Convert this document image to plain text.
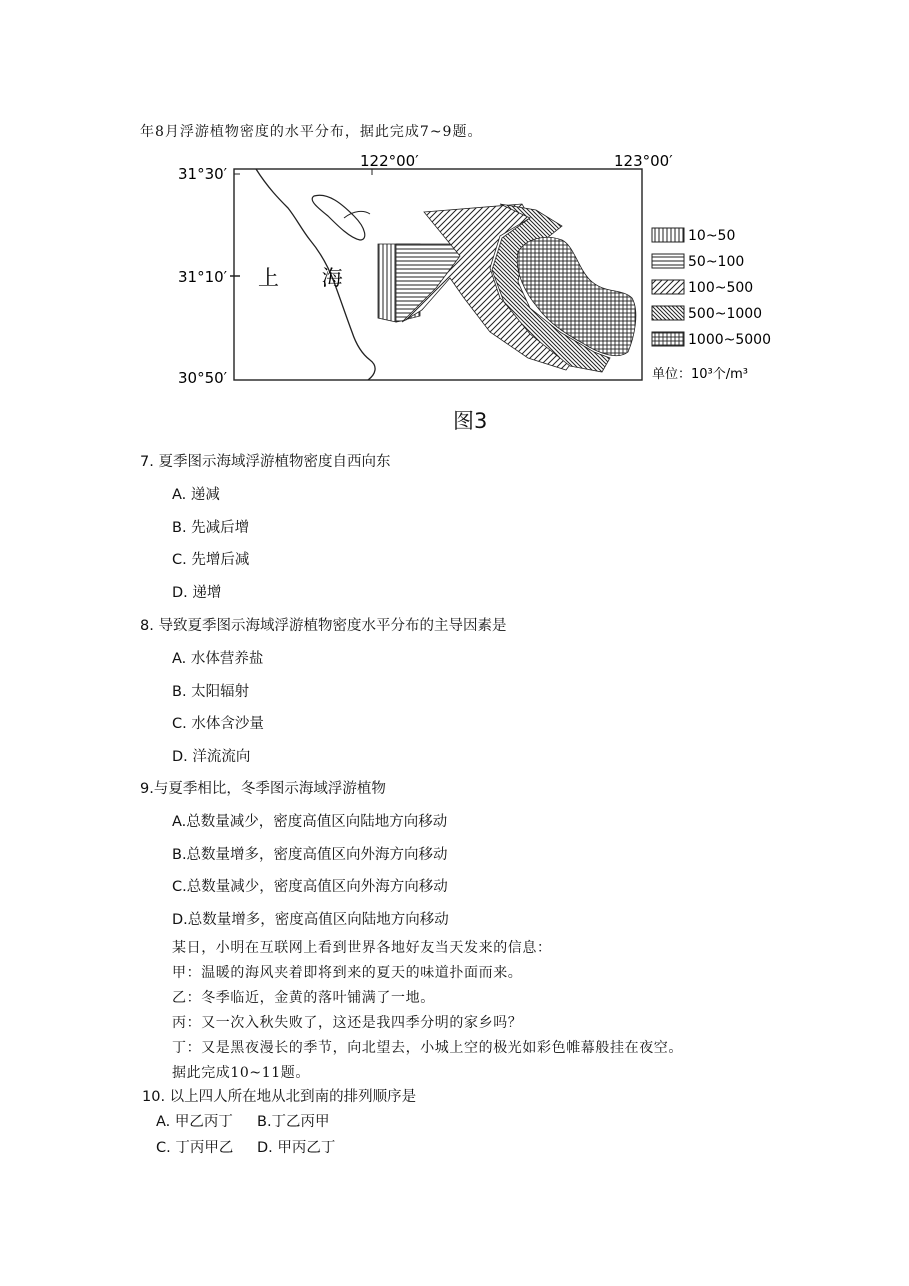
年8月浮游植物密度的水平分布，据此完成7~9题。
31°30′
31°10′
30°50′
122°00′	123°00′
上 海
10~50
50~100
100~500
500~1000
1000~5000
单位：10³个/m³
图3
7. 夏季图示海域浮游植物密度自西向东
A. 递减
B. 先减后增
C. 先增后减
D. 递增
8. 导致夏季图示海域浮游植物密度水平分布的主导因素是
A. 水体营养盐
B. 太阳辐射
C. 水体含沙量
D. 洋流流向
9.与夏季相比，冬季图示海域浮游植物
A.总数量减少，密度高值区向陆地方向移动
B.总数量增多，密度高值区向外海方向移动
C.总数量减少，密度高值区向外海方向移动
D.总数量增多，密度高值区向陆地方向移动
某日，小明在互联网上看到世界各地好友当天发来的信息：
甲：温暖的海风夹着即将到来的夏天的味道扑面而来。
乙：冬季临近，金黄的落叶铺满了一地。
丙：又一次入秋失败了，这还是我四季分明的家乡吗？
丁：又是黑夜漫长的季节，向北望去，小城上空的极光如彩色帷幕般挂在夜空。
据此完成10~11题。
10. 以上四人所在地从北到南的排列顺序是
A. 甲乙丙丁 B.丁乙丙甲
C. 丁丙甲乙 D. 甲丙乙丁
